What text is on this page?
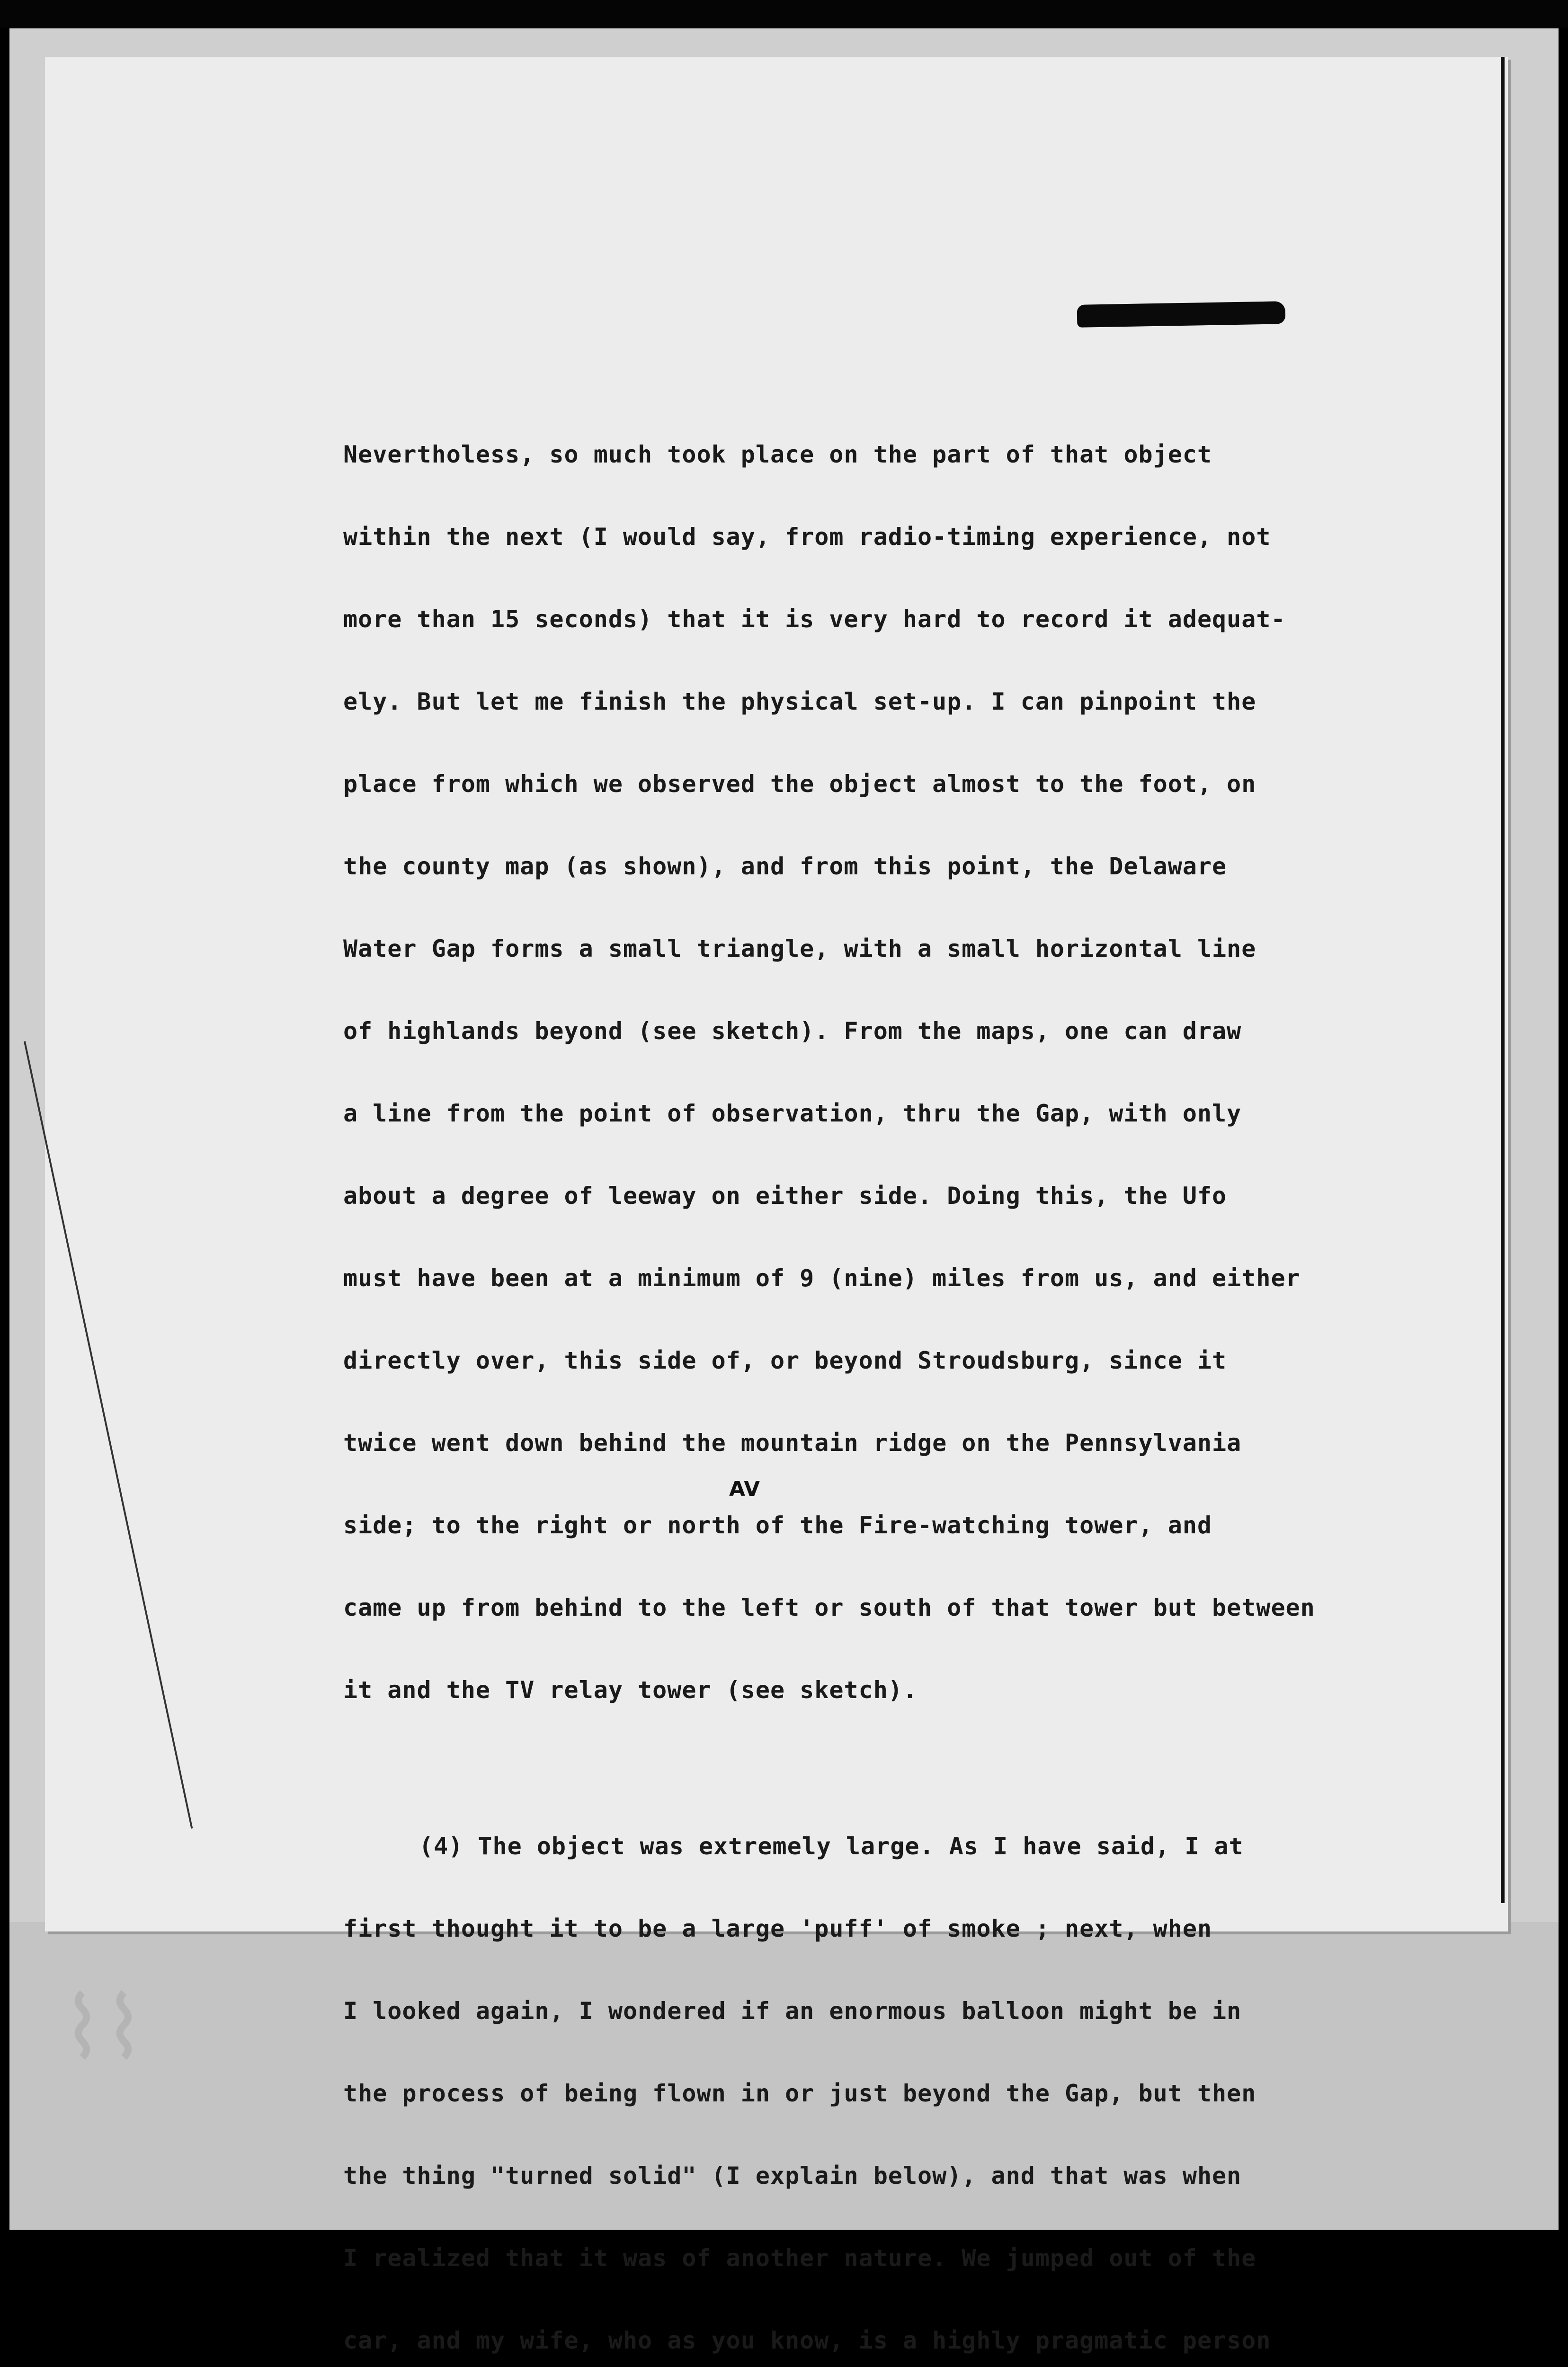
⌇⌇

Nevertholess, so much took place on the part of that object

within the next (I would say, from radio-timing experience, not

more than 15 seconds) that it is very hard to record it adequat-

ely. But let me finish the physical set-up. I can pinpoint the

place from which we observed the object almost to the foot, on

the county map (as shown), and from this point, the Delaware

Water Gap forms a small triangle, with a small horizontal line

of highlands beyond (see sketch). From the maps, one can draw

a line from the point of observation, thru the Gap, with only

about a degree of leeway on either side. Doing this, the Ufo

must have been at a minimum of 9 (nine) miles from us, and either

directly over, this side of, or beyond Stroudsburg, since it

twice went down behind the mountain ridge on the Pennsylvania

side; to the right or north of the Fire-watching tower, and

came up from behind to the left or south of that tower but between

it and the TV relay tower (see sketch).

(4) The object was extremely large. As I have said, I at

first thought it to be a large 'puff' of smoke ; next, when

I looked again, I wondered if an enormous balloon might be in

the process of being flown in or just beyond the Gap, but then

the thing "turned solid" (I explain below), and that was when

I realized that it was of another nature. We jumped out of the

car, and my wife, who as you know, is a highly pragmatic person

AV
